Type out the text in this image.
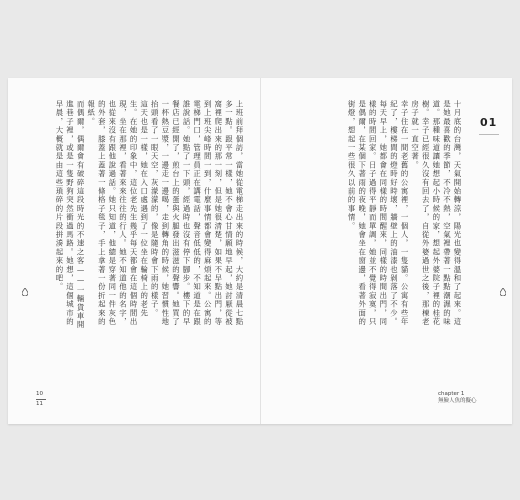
上班前拜個訪，當她從電梯走出來的時候，大約是清晨七點多一點。跟平常一樣，她不會心甘情願地早起，她討厭從被窩裡爬出來的那一刻，但是她很清楚，如果不早點出門，等到上班尖峰時間一到，什麼事情都會變得麻煩起來。公寓的電梯門口，管理員正在講電話，聲音低低的，不知道是在跟誰說話。她點了一下頭，經過時也沒有停下腳步。樓下的早餐店已經開了，煎台上的蛋與火腿發出滋滋的聲響。她買了一杯熱豆漿，一邊走一邊喝，走到轉角的時候，她習慣性地抬頭看了一眼天空，灰濛濛的，像是隨時會下雨的樣子。

這天也是一樣，她在入口處遇到了一位坐在輪椅上的老先生。在她的印象中，這位老先生幾乎每天都會在這個時間出現，坐在那裡，看著來來往往的行人。她不知道他的名字，也從來沒有跟他說過話。她只知道，他總是穿著同一件灰色的外套，膝蓋上蓋著一條格子毯子，手上拿著一份折起來的報紙。

而偶爾，偶爾會有破碎這段時光的不速之客——一輛貨車開進巷子裡，或是一隻野狗突然衝過馬路。她想，這個城市的早晨，大概就是由這些瑣碎的片段拼湊起來的吧。	十月底的台灣，天氣開始轉涼，陽光也變得溫和了起來。這是她最喜歡的季節，不冷不熱，空氣裡帶著一點點潮濕的味道。那種味道讓她想起小時候的家，想起外婆院子裡的桂花樹。幸子已經很久沒有回去了，自從外婆過世之後，那棟老房子就一直空著。

幸子住在一間老舊的公寓裡，一個人，一隻貓。公寓有些年紀了，樓梯間的燈時好時壞，牆壁上的油漆也剝落了不少。每天早上，她都會在同樣的時間醒來，同樣的時間出門，同樣的時間回家。日子過得平靜而單調，她並不覺得寂寞，只是偶爾，在某個下著雨的夜晚，她會坐在窗邊，看著外面的街燈，想起一些很久以前的事情。	01
10
11
chapter 1
無臉人魚的擬心
